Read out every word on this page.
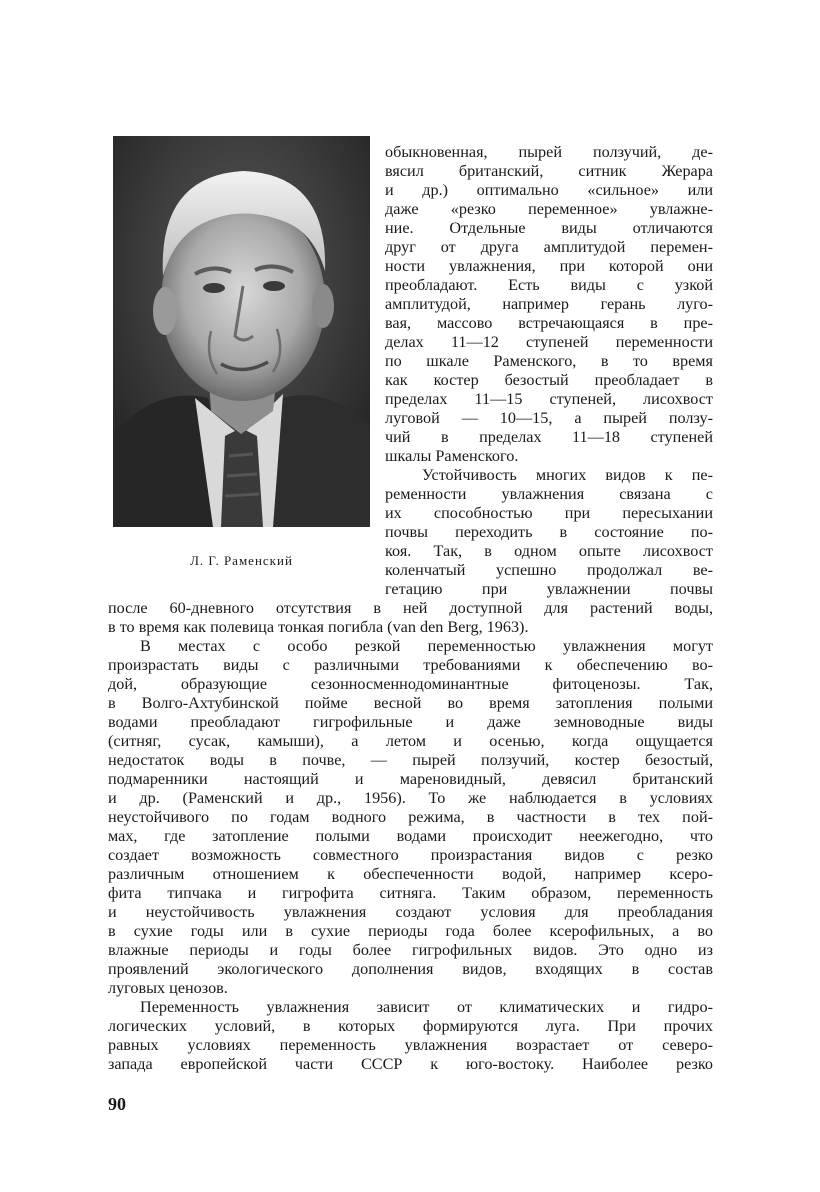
Л. Г. Раменский
обыкновенная, пырей ползучий, де-
вясил британский, ситник Жерара
и др.) оптимально «сильное» или
даже «резко переменное» увлажне-
ние. Отдельные виды отличаются
друг от друга амплитудой перемен-
ности увлажнения, при которой они
преобладают. Есть виды с узкой
амплитудой, например герань луго-
вая, массово встречающаяся в пре-
делах 11—12 ступеней переменности
по шкале Раменского, в то время
как костер безостый преобладает в
пределах 11—15 ступеней, лисохвост
луговой — 10—15, а пырей ползу-
чий в пределах 11—18 ступеней
шкалы Раменского.
Устойчивость многих видов к пе-
ременности увлажнения связана с
их способностью при пересыхании
почвы переходить в состояние по-
коя. Так, в одном опыте лисохвост
коленчатый успешно продолжал ве-
гетацию при увлажнении почвы
после 60-дневного отсутствия в ней доступной для растений воды,
в то время как полевица тонкая погибла (van den Berg, 1963).
В местах с особо резкой переменностью увлажнения могут
произрастать виды с различными требованиями к обеспечению во-
дой, образующие сезонносменнодоминантные фитоценозы. Так,
в Волго-Ахтубинской пойме весной во время затопления полыми
водами преобладают гигрофильные и даже земноводные виды
(ситняг, сусак, камыши), а летом и осенью, когда ощущается
недостаток воды в почве, — пырей ползучий, костер безостый,
подмаренники настоящий и мареновидный, девясил британский
и др. (Раменский и др., 1956). То же наблюдается в условиях
неустойчивого по годам водного режима, в частности в тех пой-
мах, где затопление полыми водами происходит неежегодно, что
создает возможность совместного произрастания видов с резко
различным отношением к обеспеченности водой, например ксеро-
фита типчака и гигрофита ситняга. Таким образом, переменность
и неустойчивость увлажнения создают условия для преобладания
в сухие годы или в сухие периоды года более ксерофильных, а во
влажные периоды и годы более гигрофильных видов. Это одно из
проявлений экологического дополнения видов, входящих в состав
луговых ценозов.
Переменность увлажнения зависит от климатических и гидро-
логических условий, в которых формируются луга. При прочих
равных условиях переменность увлажнения возрастает от северо-
запада европейской части СССР к юго-востоку. Наиболее резко
90
